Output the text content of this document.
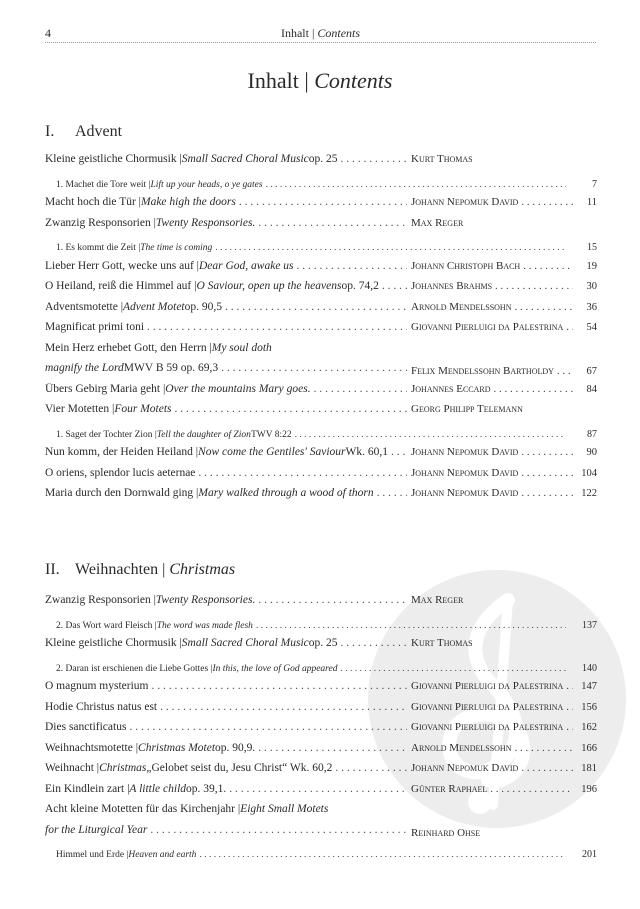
4	Inhalt | Contents
Inhalt | Contents
I. Advent
Kleine geistliche Chormusik | Small Sacred Choral Music op. 25 . . .	Kurt Thomas
1. Machet die Tore weit | Lift up your heads, o ye gates . . .	7
Macht hoch die Tür | Make high the doors . . .	Johann Nepomuk David . . .	11
Zwanzig Responsorien | Twenty Responsories. . . .	Max Reger
1. Es kommt die Zeit | The time is coming . . .	15
Lieber Herr Gott, wecke uns auf | Dear God, awake us . . .	Johann Christoph Bach . . .	19
O Heiland, reiß die Himmel auf | O Saviour, open up the heavens op. 74,2 . . .	Johannes Brahms . . .	30
Adventsmotette | Advent Motet op. 90,5 . . .	Arnold Mendelssohn . . .	36
Magnificat primi toni . . .	Giovanni Pierluigi da Palestrina . . .	54
Mein Herz erhebet Gott, den Herrn | My soul doth
magnify the Lord MWV B 59 op. 69,3 . . .	Felix Mendelssohn Bartholdy . . .	67
Übers Gebirg Maria geht | Over the mountains Mary goes. . . .	Johannes Eccard . . .	84
Vier Motetten | Four Motets . . .	Georg Philipp Telemann
1. Saget der Tochter Zion | Tell the daughter of Zion TWV 8:22 . . .	87
Nun komm, der Heiden Heiland | Now come the Gentiles' Saviour Wk. 60,1 . . . Johann Nepomuk David . . .	90
O oriens, splendor lucis aeternae . . .	Johann Nepomuk David . . .	104
Maria durch den Dornwald ging | Mary walked through a wood of thorn . . .	Johann Nepomuk David . . .	122
II. Weihnachten | Christmas
Zwanzig Responsorien | Twenty Responsories. . . .	Max Reger
2. Das Wort ward Fleisch | The word was made flesh . . .	137
Kleine geistliche Chormusik | Small Sacred Choral Music op. 25 . . .	Kurt Thomas
2. Daran ist erschienen die Liebe Gottes | In this, the love of God appeared . . .	140
O magnum mysterium . . .	Giovanni Pierluigi da Palestrina . . .	147
Hodie Christus natus est . . .	Giovanni Pierluigi da Palestrina . . .	156
Dies sanctificatus . . .	Giovanni Pierluigi da Palestrina . . .	162
Weihnachtsmotette | Christmas Motet op. 90,9. . . .	Arnold Mendelssohn . . .	166
Weihnacht | Christmas „Gelobet seist du, Jesu Christ“ Wk. 60,2 . . .	Johann Nepomuk David . . .	181
Ein Kindlein zart | A little child op. 39,1. . . .	Günter Raphael . . .	196
Acht kleine Motetten für das Kirchenjahr | Eight Small Motets
for the Liturgical Year . . .	Reinhard Ohse
Himmel und Erde | Heaven and earth . . .	201
